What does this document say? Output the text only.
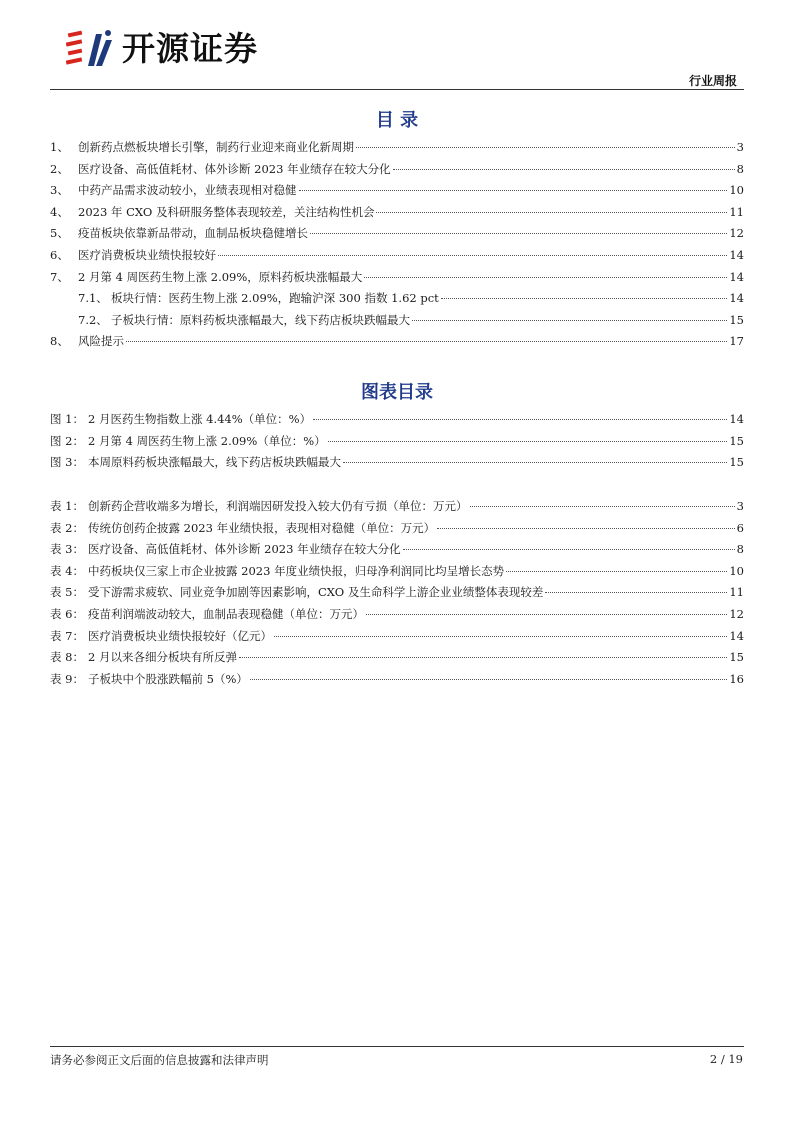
开源证券
行业周报
目 录
1、 创新药点燃板块增长引擎，制药行业迎来商业化新周期	3
2、 医疗设备、高低值耗材、体外诊断 2023 年业绩存在较大分化	8
3、 中药产品需求波动较小，业绩表现相对稳健	10
4、 2023 年 CXO 及科研服务整体表现较差，关注结构性机会	11
5、 疫苗板块依靠新品带动，血制品板块稳健增长	12
6、 医疗消费板块业绩快报较好	14
7、 2 月第 4 周医药生物上涨 2.09%，原料药板块涨幅最大	14
7.1、 板块行情：医药生物上涨 2.09%，跑输沪深 300 指数 1.62 pct	14
7.2、 子板块行情：原料药板块涨幅最大，线下药店板块跌幅最大	15
8、 风险提示	17
图表目录
图 1： 2 月医药生物指数上涨 4.44%（单位：%）	14
图 2： 2 月第 4 周医药生物上涨 2.09%（单位：%）	15
图 3： 本周原料药板块涨幅最大，线下药店板块跌幅最大	15
表 1： 创新药企营收端多为增长，利润端因研发投入较大仍有亏损（单位：万元）	3
表 2： 传统仿创药企披露 2023 年业绩快报，表现相对稳健（单位：万元）	6
表 3： 医疗设备、高低值耗材、体外诊断 2023 年业绩存在较大分化	8
表 4： 中药板块仅三家上市企业披露 2023 年度业绩快报，归母净利润同比均呈增长态势	10
表 5： 受下游需求疲软、同业竞争加剧等因素影响，CXO 及生命科学上游企业业绩整体表现较差	11
表 6： 疫苗利润端波动较大，血制品表现稳健（单位：万元）	12
表 7： 医疗消费板块业绩快报较好（亿元）	14
表 8： 2 月以来各细分板块有所反弹	15
表 9： 子板块中个股涨跌幅前 5（%）	16
请务必参阅正文后面的信息披露和法律声明	2 / 19
